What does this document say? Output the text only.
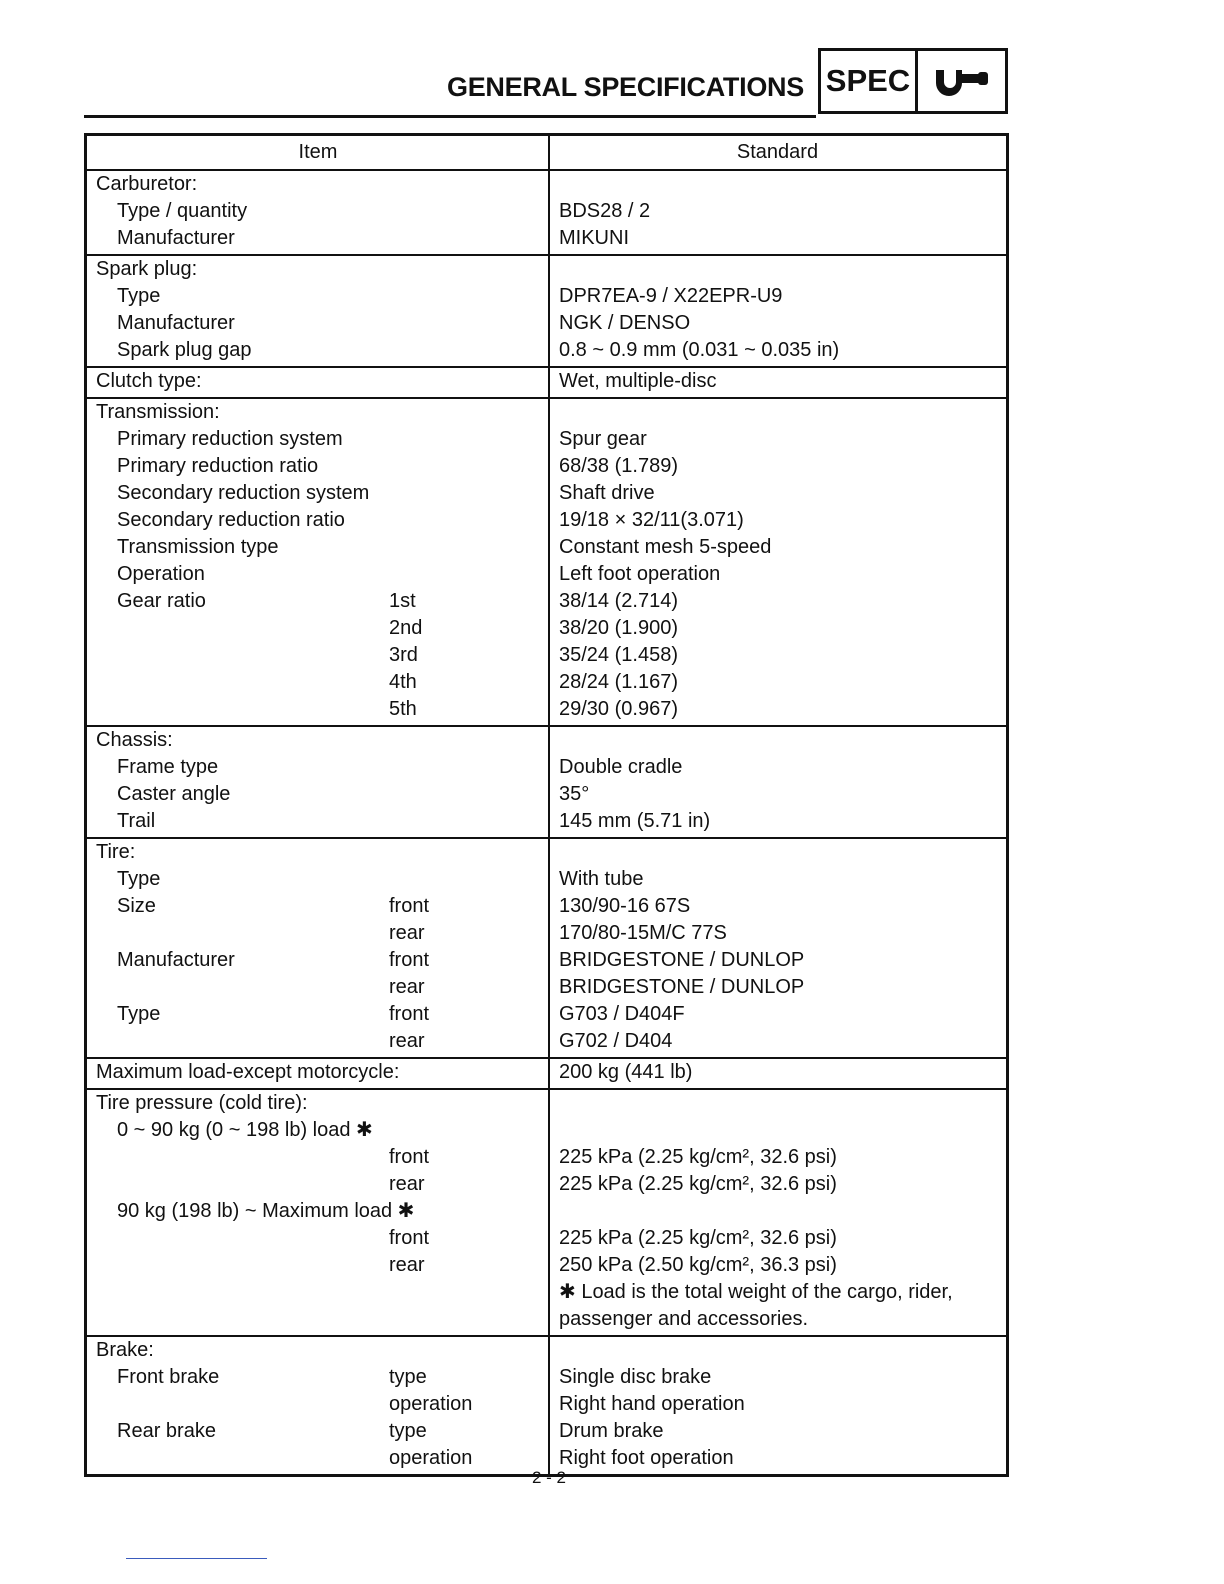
GENERAL SPECIFICATIONS SPEC
Item	Standard
Carburetor:
Type / quantity	BDS28 / 2
Manufacturer	MIKUNI
Spark plug:
Type	DPR7EA-9 / X22EPR-U9
Manufacturer	NGK / DENSO
Spark plug gap	0.8 ~ 0.9 mm (0.031 ~ 0.035 in)
Clutch type:	Wet, multiple-disc
Transmission:
Primary reduction system	Spur gear
Primary reduction ratio	68/38 (1.789)
Secondary reduction system	Shaft drive
Secondary reduction ratio	19/18 × 32/11(3.071)
Transmission type	Constant mesh 5-speed
Operation	Left foot operation
Gear ratio	1st	38/14 (2.714)
2nd	38/20 (1.900)
3rd	35/24 (1.458)
4th	28/24 (1.167)
5th	29/30 (0.967)
Chassis:
Frame type	Double cradle
Caster angle	35°
Trail	145 mm (5.71 in)
Tire:
Type	With tube
Size	front	130/90-16 67S
rear	170/80-15M/C 77S
Manufacturer	front	BRIDGESTONE / DUNLOP
rear	BRIDGESTONE / DUNLOP
Type	front	G703 / D404F
rear	G702 / D404
Maximum load-except motorcycle:	200 kg (441 lb)
Tire pressure (cold tire):
0 ~ 90 kg (0 ~ 198 lb) load ✱
front	225 kPa (2.25 kg/cm², 32.6 psi)
rear	225 kPa (2.25 kg/cm², 32.6 psi)
90 kg (198 lb) ~ Maximum load ✱
front	225 kPa (2.25 kg/cm², 32.6 psi)
rear	250 kPa (2.50 kg/cm², 36.3 psi)
✱ Load is the total weight of the cargo, rider,
passenger and accessories.
Brake:
Front brake	type	Single disc brake
operation	Right hand operation
Rear brake	type	Drum brake
operation	Right foot operation
2 - 2
